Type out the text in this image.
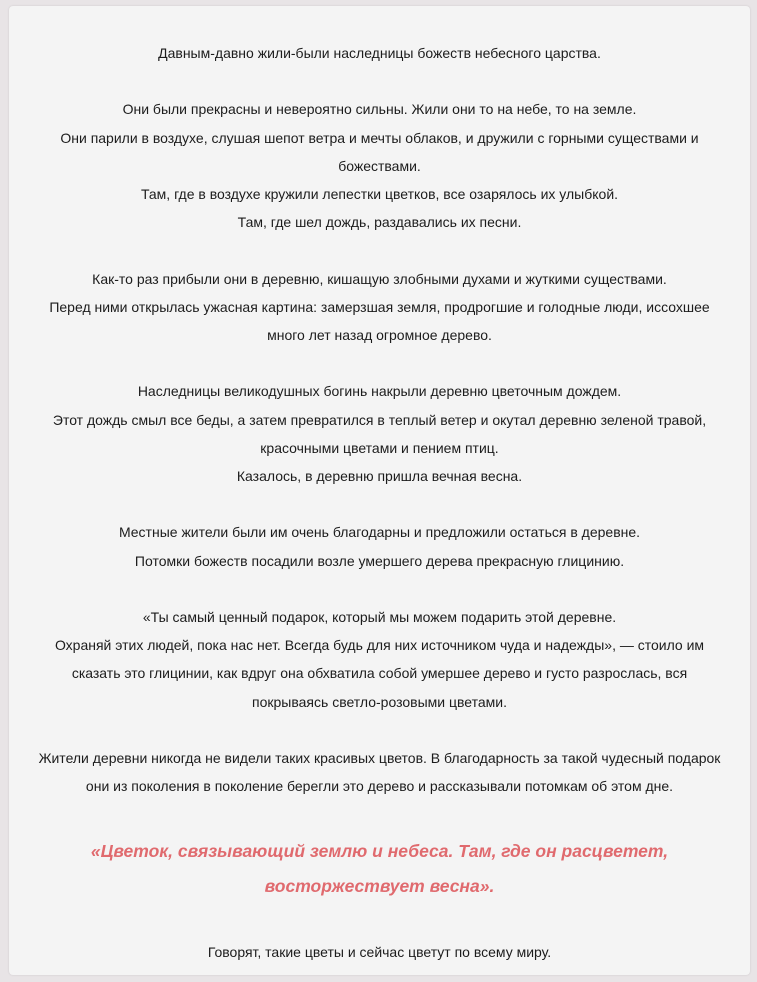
Давным-давно жили-были наследницы божеств небесного царства.

Они были прекрасны и невероятно сильны. Жили они то на небе, то на земле.
Они парили в воздухе, слушая шепот ветра и мечты облаков, и дружили с горными существами и
божествами.
Там, где в воздухе кружили лепестки цветков, все озарялось их улыбкой.
Там, где шел дождь, раздавались их песни.

Как-то раз прибыли они в деревню, кишащую злобными духами и жуткими существами.
Перед ними открылась ужасная картина: замерзшая земля, продрогшие и голодные люди, иссохшее
много лет назад огромное дерево.

Наследницы великодушных богинь накрыли деревню цветочным дождем.
Этот дождь смыл все беды, а затем превратился в теплый ветер и окутал деревню зеленой травой,
красочными цветами и пением птиц.
Казалось, в деревню пришла вечная весна.

Местные жители были им очень благодарны и предложили остаться в деревне.
Потомки божеств посадили возле умершего дерева прекрасную глицинию.

«Ты самый ценный подарок, который мы можем подарить этой деревне.
Охраняй этих людей, пока нас нет. Всегда будь для них источником чуда и надежды», — стоило им
сказать это глицинии, как вдруг она обхватила собой умершее дерево и густо разрослась, вся
покрываясь светло-розовыми цветами.

Жители деревни никогда не видели таких красивых цветов. В благодарность за такой чудесный подарок
они из поколения в поколение берегли это дерево и рассказывали потомкам об этом дне.

«Цветок, связывающий землю и небеса. Там, где он расцветет,
восторжествует весна».

Говорят, такие цветы и сейчас цветут по всему миру.
